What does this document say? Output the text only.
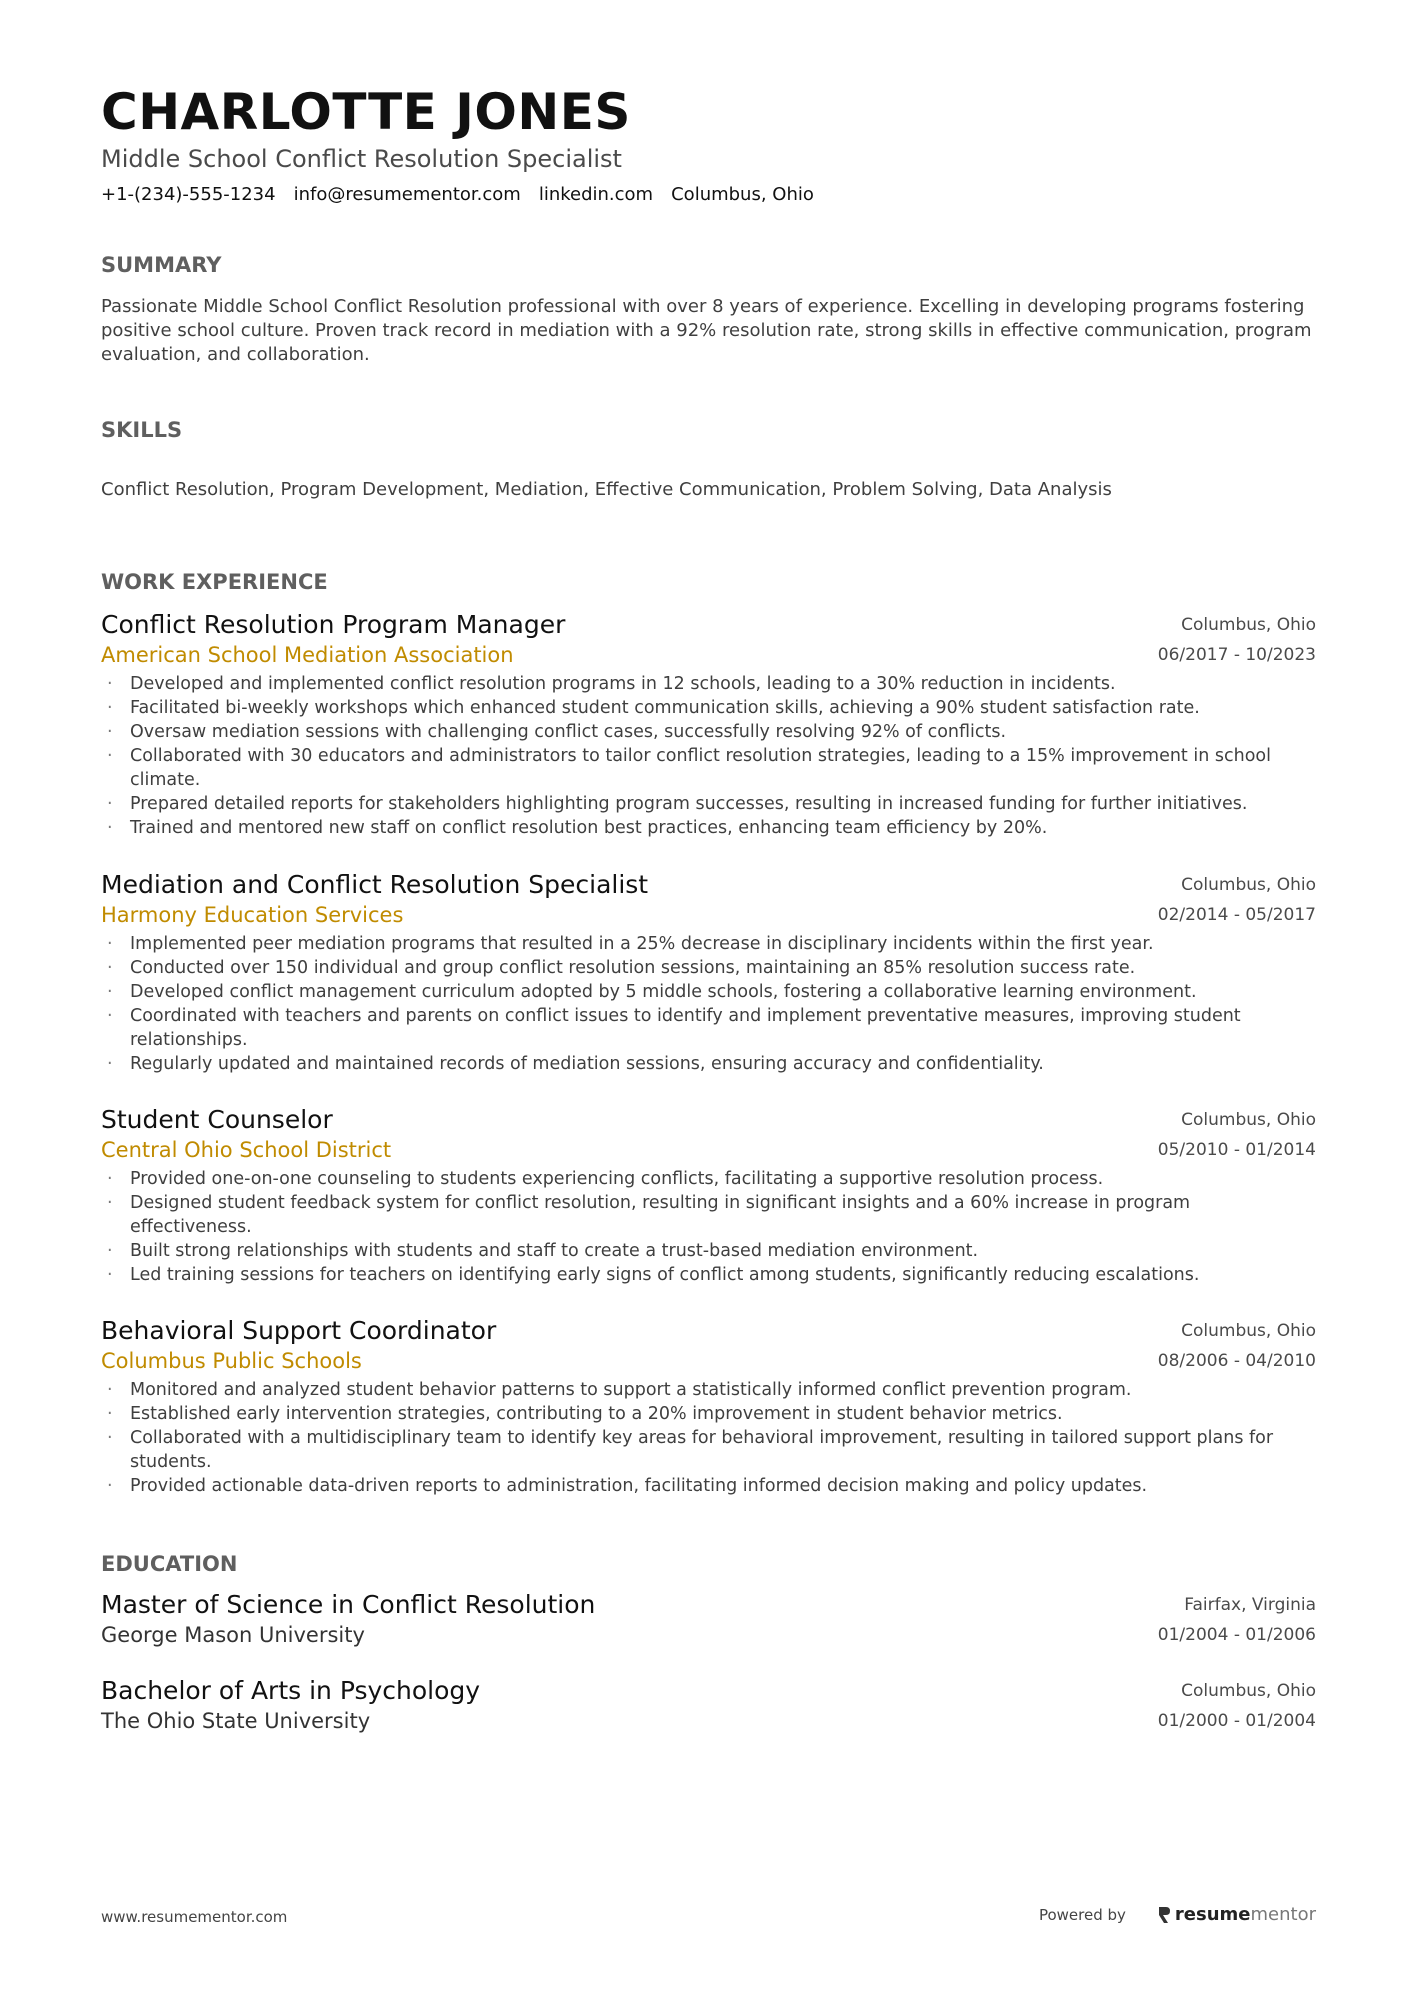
CHARLOTTE JONES
Middle School Conflict Resolution Specialist
+1-(234)-555-1234 info@resumementor.com linkedin.com Columbus, Ohio
SUMMARY
Passionate Middle School Conflict Resolution professional with over 8 years of experience. Excelling in developing programs fostering positive school culture. Proven track record in mediation with a 92% resolution rate, strong skills in effective communication, program evaluation, and collaboration.
SKILLS
Conflict Resolution, Program Development, Mediation, Effective Communication, Problem Solving, Data Analysis
WORK EXPERIENCE
Conflict Resolution Program Manager
American School Mediation Association
Columbus, Ohio
06/2017 - 10/2023
· Developed and implemented conflict resolution programs in 12 schools, leading to a 30% reduction in incidents.
· Facilitated bi-weekly workshops which enhanced student communication skills, achieving a 90% student satisfaction rate.
· Oversaw mediation sessions with challenging conflict cases, successfully resolving 92% of conflicts.
· Collaborated with 30 educators and administrators to tailor conflict resolution strategies, leading to a 15% improvement in school climate.
· Prepared detailed reports for stakeholders highlighting program successes, resulting in increased funding for further initiatives.
· Trained and mentored new staff on conflict resolution best practices, enhancing team efficiency by 20%.
Mediation and Conflict Resolution Specialist
Harmony Education Services
Columbus, Ohio
02/2014 - 05/2017
· Implemented peer mediation programs that resulted in a 25% decrease in disciplinary incidents within the first year.
· Conducted over 150 individual and group conflict resolution sessions, maintaining an 85% resolution success rate.
· Developed conflict management curriculum adopted by 5 middle schools, fostering a collaborative learning environment.
· Coordinated with teachers and parents on conflict issues to identify and implement preventative measures, improving student relationships.
· Regularly updated and maintained records of mediation sessions, ensuring accuracy and confidentiality.
Student Counselor
Central Ohio School District
Columbus, Ohio
05/2010 - 01/2014
· Provided one-on-one counseling to students experiencing conflicts, facilitating a supportive resolution process.
· Designed student feedback system for conflict resolution, resulting in significant insights and a 60% increase in program effectiveness.
· Built strong relationships with students and staff to create a trust-based mediation environment.
· Led training sessions for teachers on identifying early signs of conflict among students, significantly reducing escalations.
Behavioral Support Coordinator
Columbus Public Schools
Columbus, Ohio
08/2006 - 04/2010
· Monitored and analyzed student behavior patterns to support a statistically informed conflict prevention program.
· Established early intervention strategies, contributing to a 20% improvement in student behavior metrics.
· Collaborated with a multidisciplinary team to identify key areas for behavioral improvement, resulting in tailored support plans for students.
· Provided actionable data-driven reports to administration, facilitating informed decision making and policy updates.
EDUCATION
Master of Science in Conflict Resolution
George Mason University
Fairfax, Virginia
01/2004 - 01/2006
Bachelor of Arts in Psychology
The Ohio State University
Columbus, Ohio
01/2000 - 01/2004
www.resumementor.com	Powered by	resume mentor
